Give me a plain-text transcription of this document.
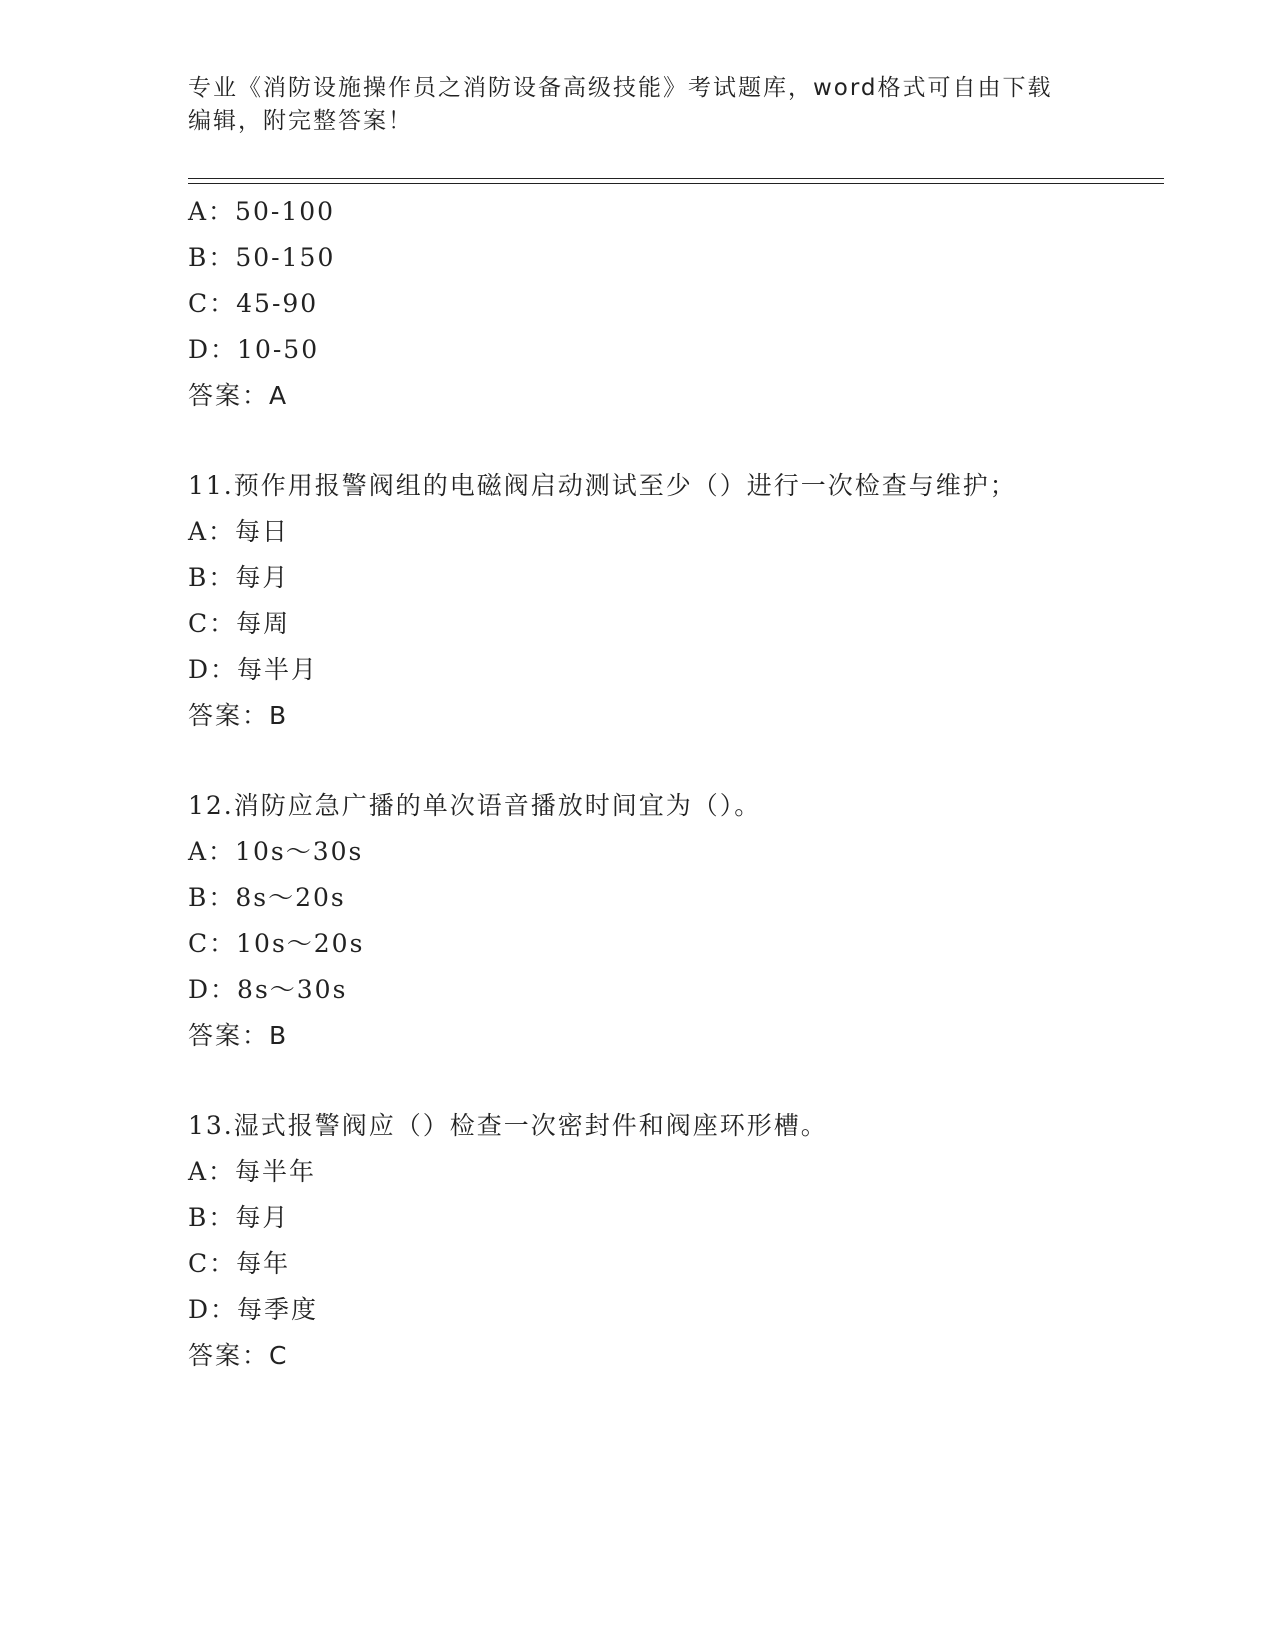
专业《消防设施操作员之消防设备高级技能》考试题库，word格式可自由下载编辑，附完整答案！
A：50-100
B：50-150
C：45-90
D：10-50
答案：A
11.预作用报警阀组的电磁阀启动测试至少（）进行一次检查与维护；
A：每日
B：每月
C：每周
D：每半月
答案：B
12.消防应急广播的单次语音播放时间宜为（）。
A：10s～30s
B：8s～20s
C：10s～20s
D：8s～30s
答案：B
13.湿式报警阀应（）检查一次密封件和阀座环形槽。
A：每半年
B：每月
C：每年
D：每季度
答案：C
